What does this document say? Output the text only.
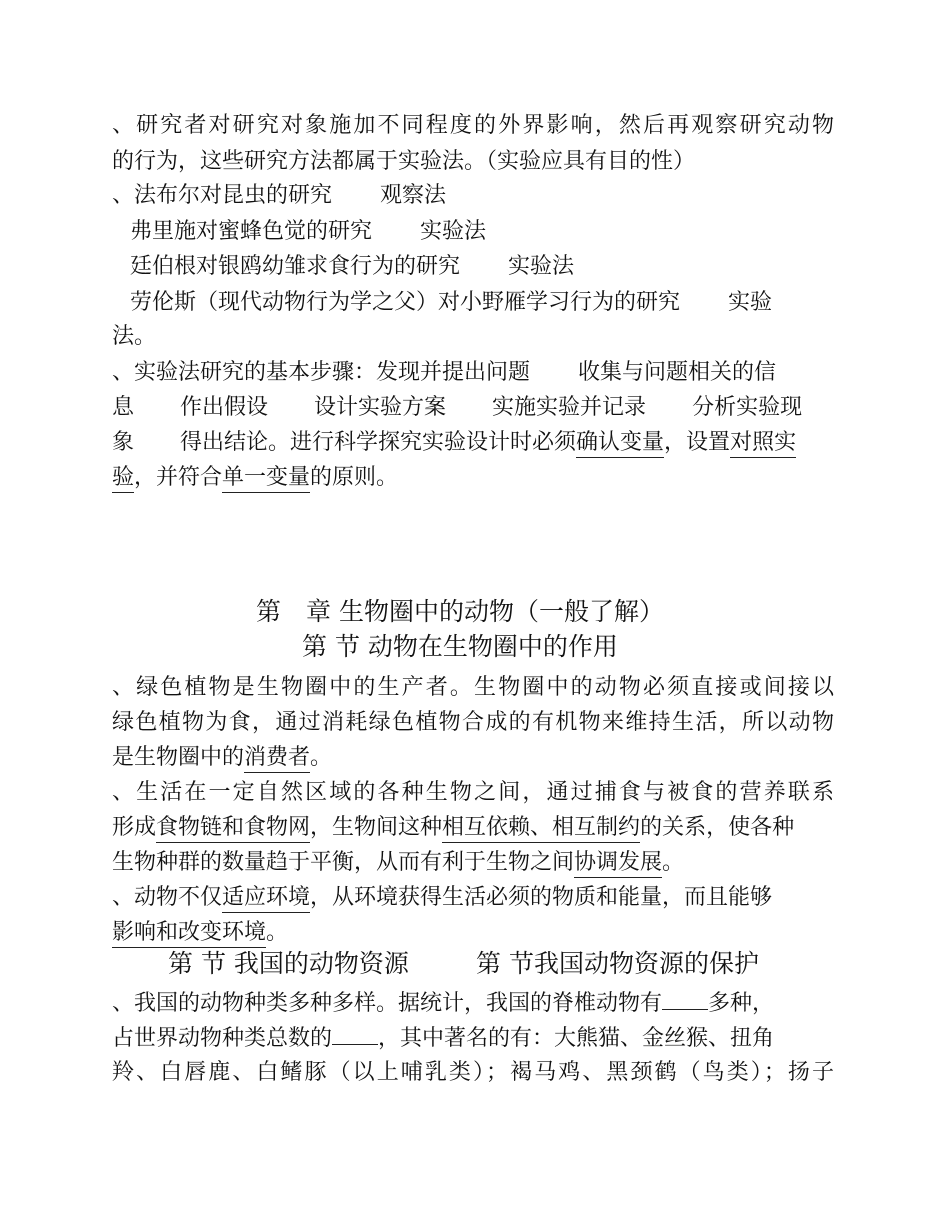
、研究者对研究对象施加不同程度的外界影响，然后再观察研究动物
的行为，这些研究方法都属于实验法。（实验应具有目的性）
、法布尔对昆虫的研究 观察法
弗里施对蜜蜂色觉的研究 实验法
廷伯根对银鸥幼雏求食行为的研究 实验法
劳伦斯（现代动物行为学之父）对小野雁学习行为的研究 实验
法。
、实验法研究的基本步骤：发现并提出问题 收集与问题相关的信
息 作出假设 设计实验方案 实施实验并记录 分析实验现
象 得出结论。进行科学探究实验设计时必须确认变量，设置对照实
验，并符合单一变量的原则。
第　章 生物圈中的动物（一般了解）
第 节 动物在生物圈中的作用
、绿色植物是生物圈中的生产者。生物圈中的动物必须直接或间接以
绿色植物为食，通过消耗绿色植物合成的有机物来维持生活，所以动物
是生物圈中的消费者。
、生活在一定自然区域的各种生物之间，通过捕食与被食的营养联系
形成食物链和食物网，生物间这种相互依赖、相互制约的关系，使各种
生物种群的数量趋于平衡，从而有利于生物之间协调发展。
、动物不仅适应环境，从环境获得生活必须的物质和能量，而且能够
影响和改变环境。
第 节 我国的动物资源	第 节我国动物资源的保护
、我国的动物种类多种多样。据统计，我国的脊椎动物有 多种，
占世界动物种类总数的 ，其中著名的有：大熊猫、金丝猴、扭角
羚、白唇鹿、白鳍豚（以上哺乳类）；褐马鸡、黑颈鹤（鸟类）；扬子
